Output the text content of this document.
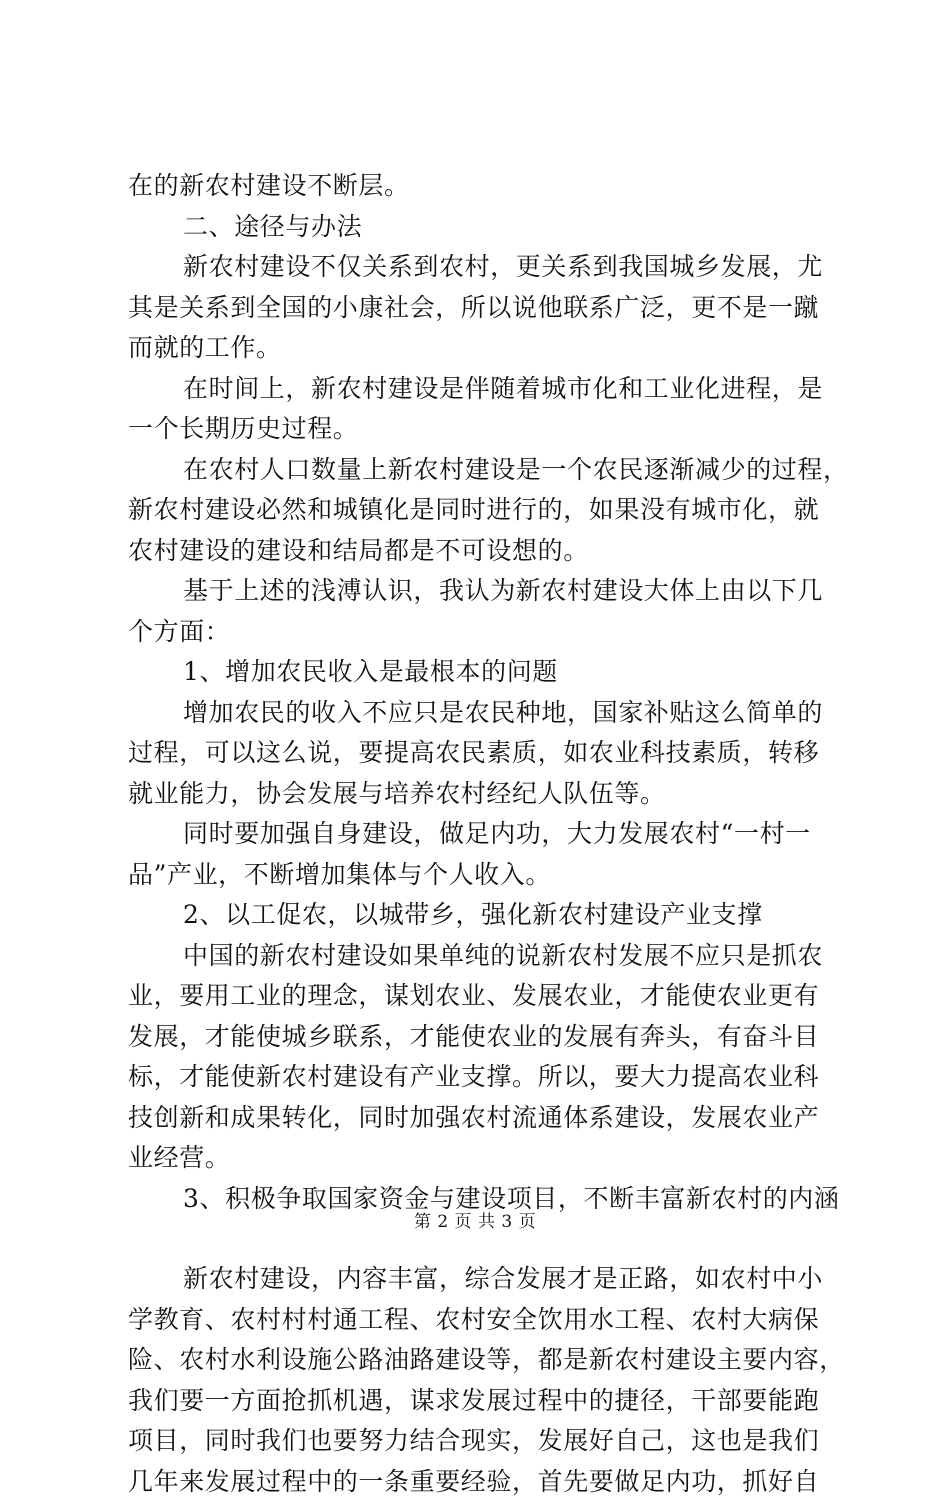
在的新农村建设不断层。
二、途径与办法
新农村建设不仅关系到农村，更关系到我国城乡发展，尤
其是关系到全国的小康社会，所以说他联系广泛，更不是一蹴
而就的工作。
在时间上，新农村建设是伴随着城市化和工业化进程，是
一个长期历史过程。
在农村人口数量上新农村建设是一个农民逐渐减少的过程，
新农村建设必然和城镇化是同时进行的，如果没有城市化，就
农村建设的建设和结局都是不可设想的。
基于上述的浅溥认识，我认为新农村建设大体上由以下几
个方面：
1、增加农民收入是最根本的问题
增加农民的收入不应只是农民种地，国家补贴这么简单的
过程，可以这么说，要提高农民素质，如农业科技素质，转移
就业能力，协会发展与培养农村经纪人队伍等。
同时要加强自身建设，做足内功，大力发展农村“一村一
品”产业，不断增加集体与个人收入。
2、以工促农，以城带乡，强化新农村建设产业支撑
中国的新农村建设如果单纯的说新农村发展不应只是抓农
业，要用工业的理念，谋划农业、发展农业，才能使农业更有
发展，才能使城乡联系，才能使农业的发展有奔头，有奋斗目
标，才能使新农村建设有产业支撑。所以，要大力提高农业科
技创新和成果转化，同时加强农村流通体系建设，发展农业产
业经营。
3、积极争取国家资金与建设项目，不断丰富新农村的内涵
新农村建设，内容丰富，综合发展才是正路，如农村中小
学教育、农村村村通工程、农村安全饮用水工程、农村大病保
险、农村水利设施公路油路建设等，都是新农村建设主要内容，
我们要一方面抢抓机遇，谋求发展过程中的捷径，干部要能跑
项目，同时我们也要努力结合现实，发展好自己，这也是我们
几年来发展过程中的一条重要经验，首先要做足内功，抓好自
第 2 页 共 3 页
